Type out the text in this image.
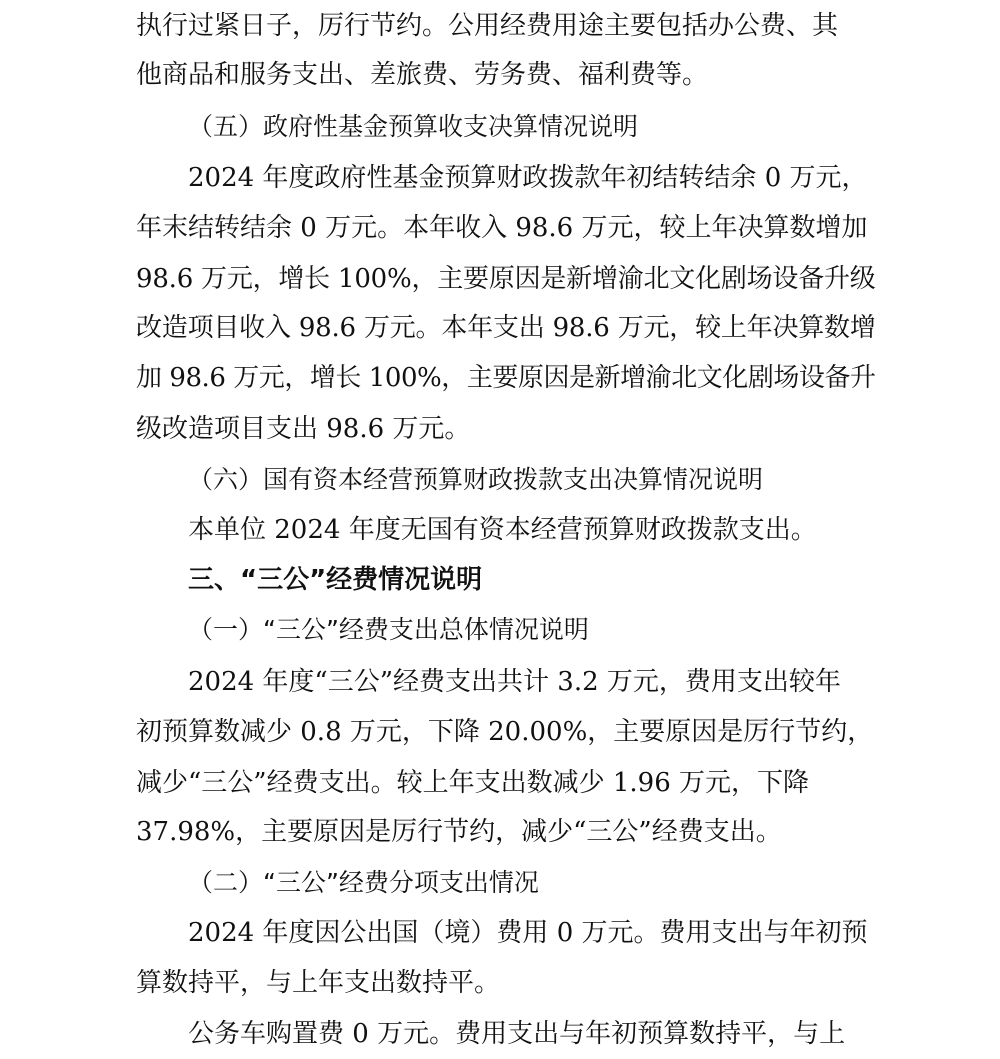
执行过紧日子，厉行节约。公用经费用途主要包括办公费、其
他商品和服务支出、差旅费、劳务费、福利费等。
（五）政府性基金预算收支决算情况说明
2024 年度政府性基金预算财政拨款年初结转结余 0 万元，
年末结转结余 0 万元。本年收入 98.6 万元，较上年决算数增加
98.6 万元，增长 100%，主要原因是新增渝北文化剧场设备升级
改造项目收入 98.6 万元。本年支出 98.6 万元，较上年决算数增
加 98.6 万元，增长 100%，主要原因是新增渝北文化剧场设备升
级改造项目支出 98.6 万元。
（六）国有资本经营预算财政拨款支出决算情况说明
本单位 2024 年度无国有资本经营预算财政拨款支出。
三、“三公”经费情况说明
（一）“三公”经费支出总体情况说明
2024 年度“三公”经费支出共计 3.2 万元，费用支出较年
初预算数减少 0.8 万元，下降 20.00%，主要原因是厉行节约，
减少“三公”经费支出。较上年支出数减少 1.96 万元，下降
37.98%，主要原因是厉行节约，减少“三公”经费支出。
（二）“三公”经费分项支出情况
2024 年度因公出国（境）费用 0 万元。费用支出与年初预
算数持平，与上年支出数持平。
公务车购置费 0 万元。费用支出与年初预算数持平，与上
